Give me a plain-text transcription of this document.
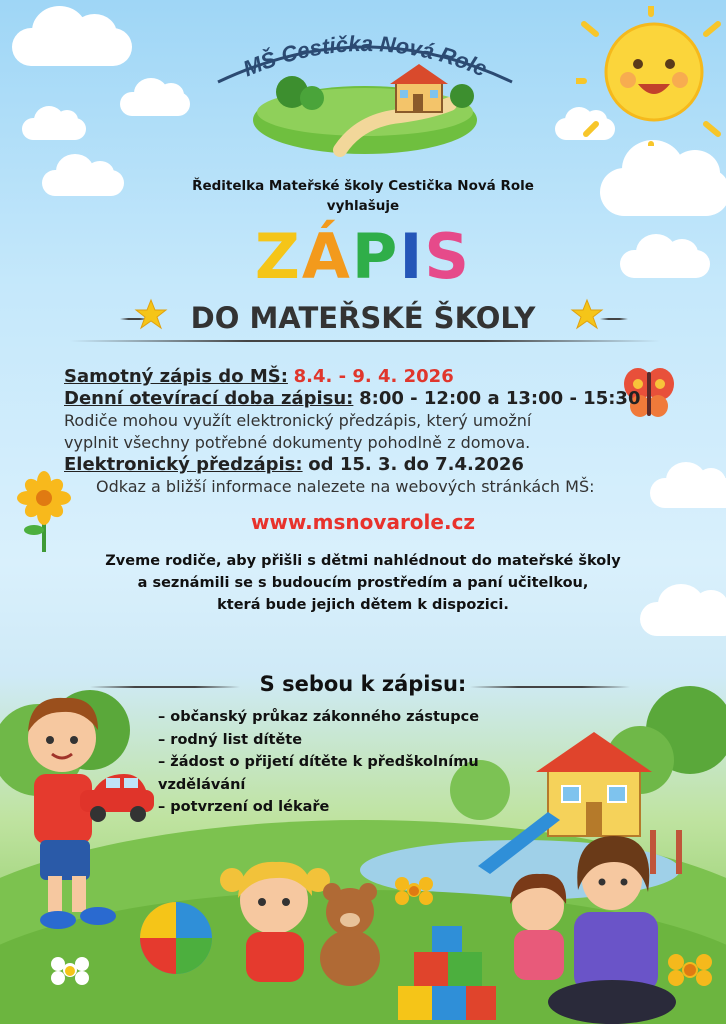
MŠ Cestička Nová Role
Ředitelka Mateřské školy Cestička Nová Role
vyhlašuje
ZÁPIS
DO MATEŘSKÉ ŠKOLY
Samotný zápis do MŠ: 8.4. - 9. 4. 2026
Denní otevírací doba zápisu: 8:00 - 12:00 a 13:00 - 15:30
Rodiče mohou využít elektronický předzápis, který umožní
vyplnit všechny potřebné dokumenty pohodlně z domova.
Elektronický předzápis: od 15. 3. do 7.4.2026
Odkaz a bližší informace nalezete na webových stránkách MŠ:
www.msnovarole.cz
Zveme rodiče, aby přišli s dětmi nahlédnout do mateřské školy
a seznámili se s budoucím prostředím a paní učitelkou,
která bude jejich dětem k dispozici.
S sebou k zápisu:
– občanský průkaz zákonného zástupce
– rodný list dítěte
– žádost o přijetí dítěte k předškolnímu
vzdělávání
– potvrzení od lékaře
